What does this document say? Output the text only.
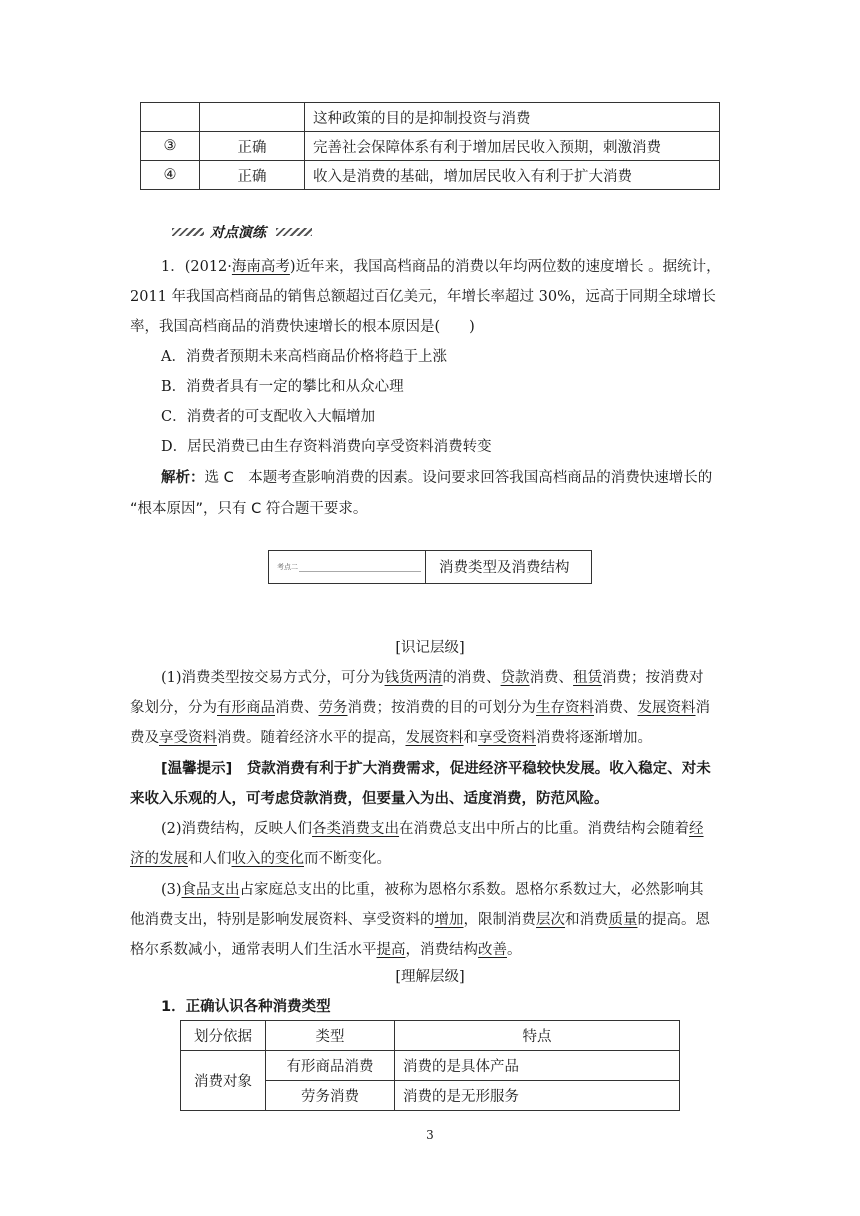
		这种政策的目的是抑制投资与消费
③	正确	完善社会保障体系有利于增加居民收入预期，刺激消费
④	正确	收入是消费的基础，增加居民收入有利于扩大消费
对点演练
1．(2012·海南高考)近年来，我国高档商品的消费以年均两位数的速度增长 。据统计，
2011 年我国高档商品的销售总额超过百亿美元，年增长率超过 30%，远高于同期全球增长
率，我国高档商品的消费快速增长的根本原因是(　　)
A．消费者预期未来高档商品价格将趋于上涨
B．消费者具有一定的攀比和从众心理
C．消费者的可支配收入大幅增加
D．居民消费已由生存资料消费向享受资料消费转变
解析：选 C　本题考查影响消费的因素。设问要求回答我国高档商品的消费快速增长的
“根本原因”，只有 C 符合题干要求。
考点二	消费类型及消费结构
[识记层级]
(1)消费类型按交易方式分，可分为钱货两清的消费、贷款消费、租赁消费；按消费对
象划分，分为有形商品消费、劳务消费；按消费的目的可划分为生存资料消费、发展资料消
费及享受资料消费。随着经济水平的提高，发展资料和享受资料消费将逐渐增加。
[温馨提示]　贷款消费有利于扩大消费需求，促进经济平稳较快发展。收入稳定、对未
来收入乐观的人，可考虑贷款消费，但要量入为出、适度消费，防范风险。
(2)消费结构，反映人们各类消费支出在消费总支出中所占的比重。消费结构会随着经
济的发展和人们收入的变化而不断变化。
(3)食品支出占家庭总支出的比重，被称为恩格尔系数。恩格尔系数过大，必然影响其
他消费支出，特别是影响发展资料、享受资料的增加，限制消费层次和消费质量的提高。恩
格尔系数减小，通常表明人们生活水平提高，消费结构改善。
[理解层级]
1．正确认识各种消费类型
划分依据	类型	特点
消费对象	有形商品消费	消费的是具体产品
	劳务消费	消费的是无形服务
3
